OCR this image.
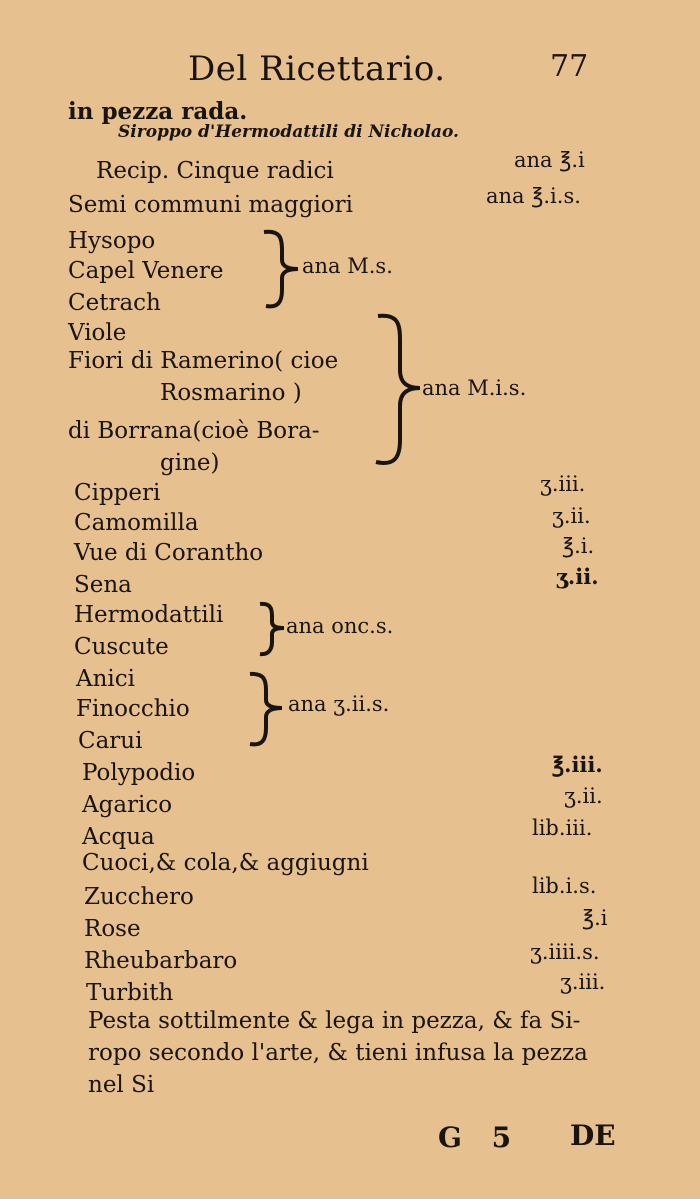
Del Ricettario.	77
in pezza rada.
Siroppo d'Hermodattili di Nicholao.
Recip. Cinque radici	ana ℥.i
Semi communi maggiori	ana ℥.i.s.
Hysopo
Capel Venere
Cetrach
ana M.s.
Viole
Fiori di Ramerino( cioe
Rosmarino )
di Borrana(cioè Bora-
gine)
ana M.i.s.
Cipperi	ʒ.iii.
Camomilla	ʒ.ii.
Vue di Corantho	℥.i.
Sena	ʒ.ii.
Hermodattili
Cuscute
ana onc.s.
Anici
Finocchio
Carui
ana ʒ.ii.s.
Polypodio	℥.iii.
Agarico	ʒ.ii.
Acqua	lib.iii.
Cuoci,& cola,& aggiugni
Zucchero	lib.i.s.
Rose	℥.i
Rheubarbaro	ʒ.iiii.s.
Turbith	ʒ.iii.
Pesta sottilmente & lega in pezza, & fa Si-
ropo secondo l'arte, & tieni infusa la pezza
nel Si
G 5 DE
